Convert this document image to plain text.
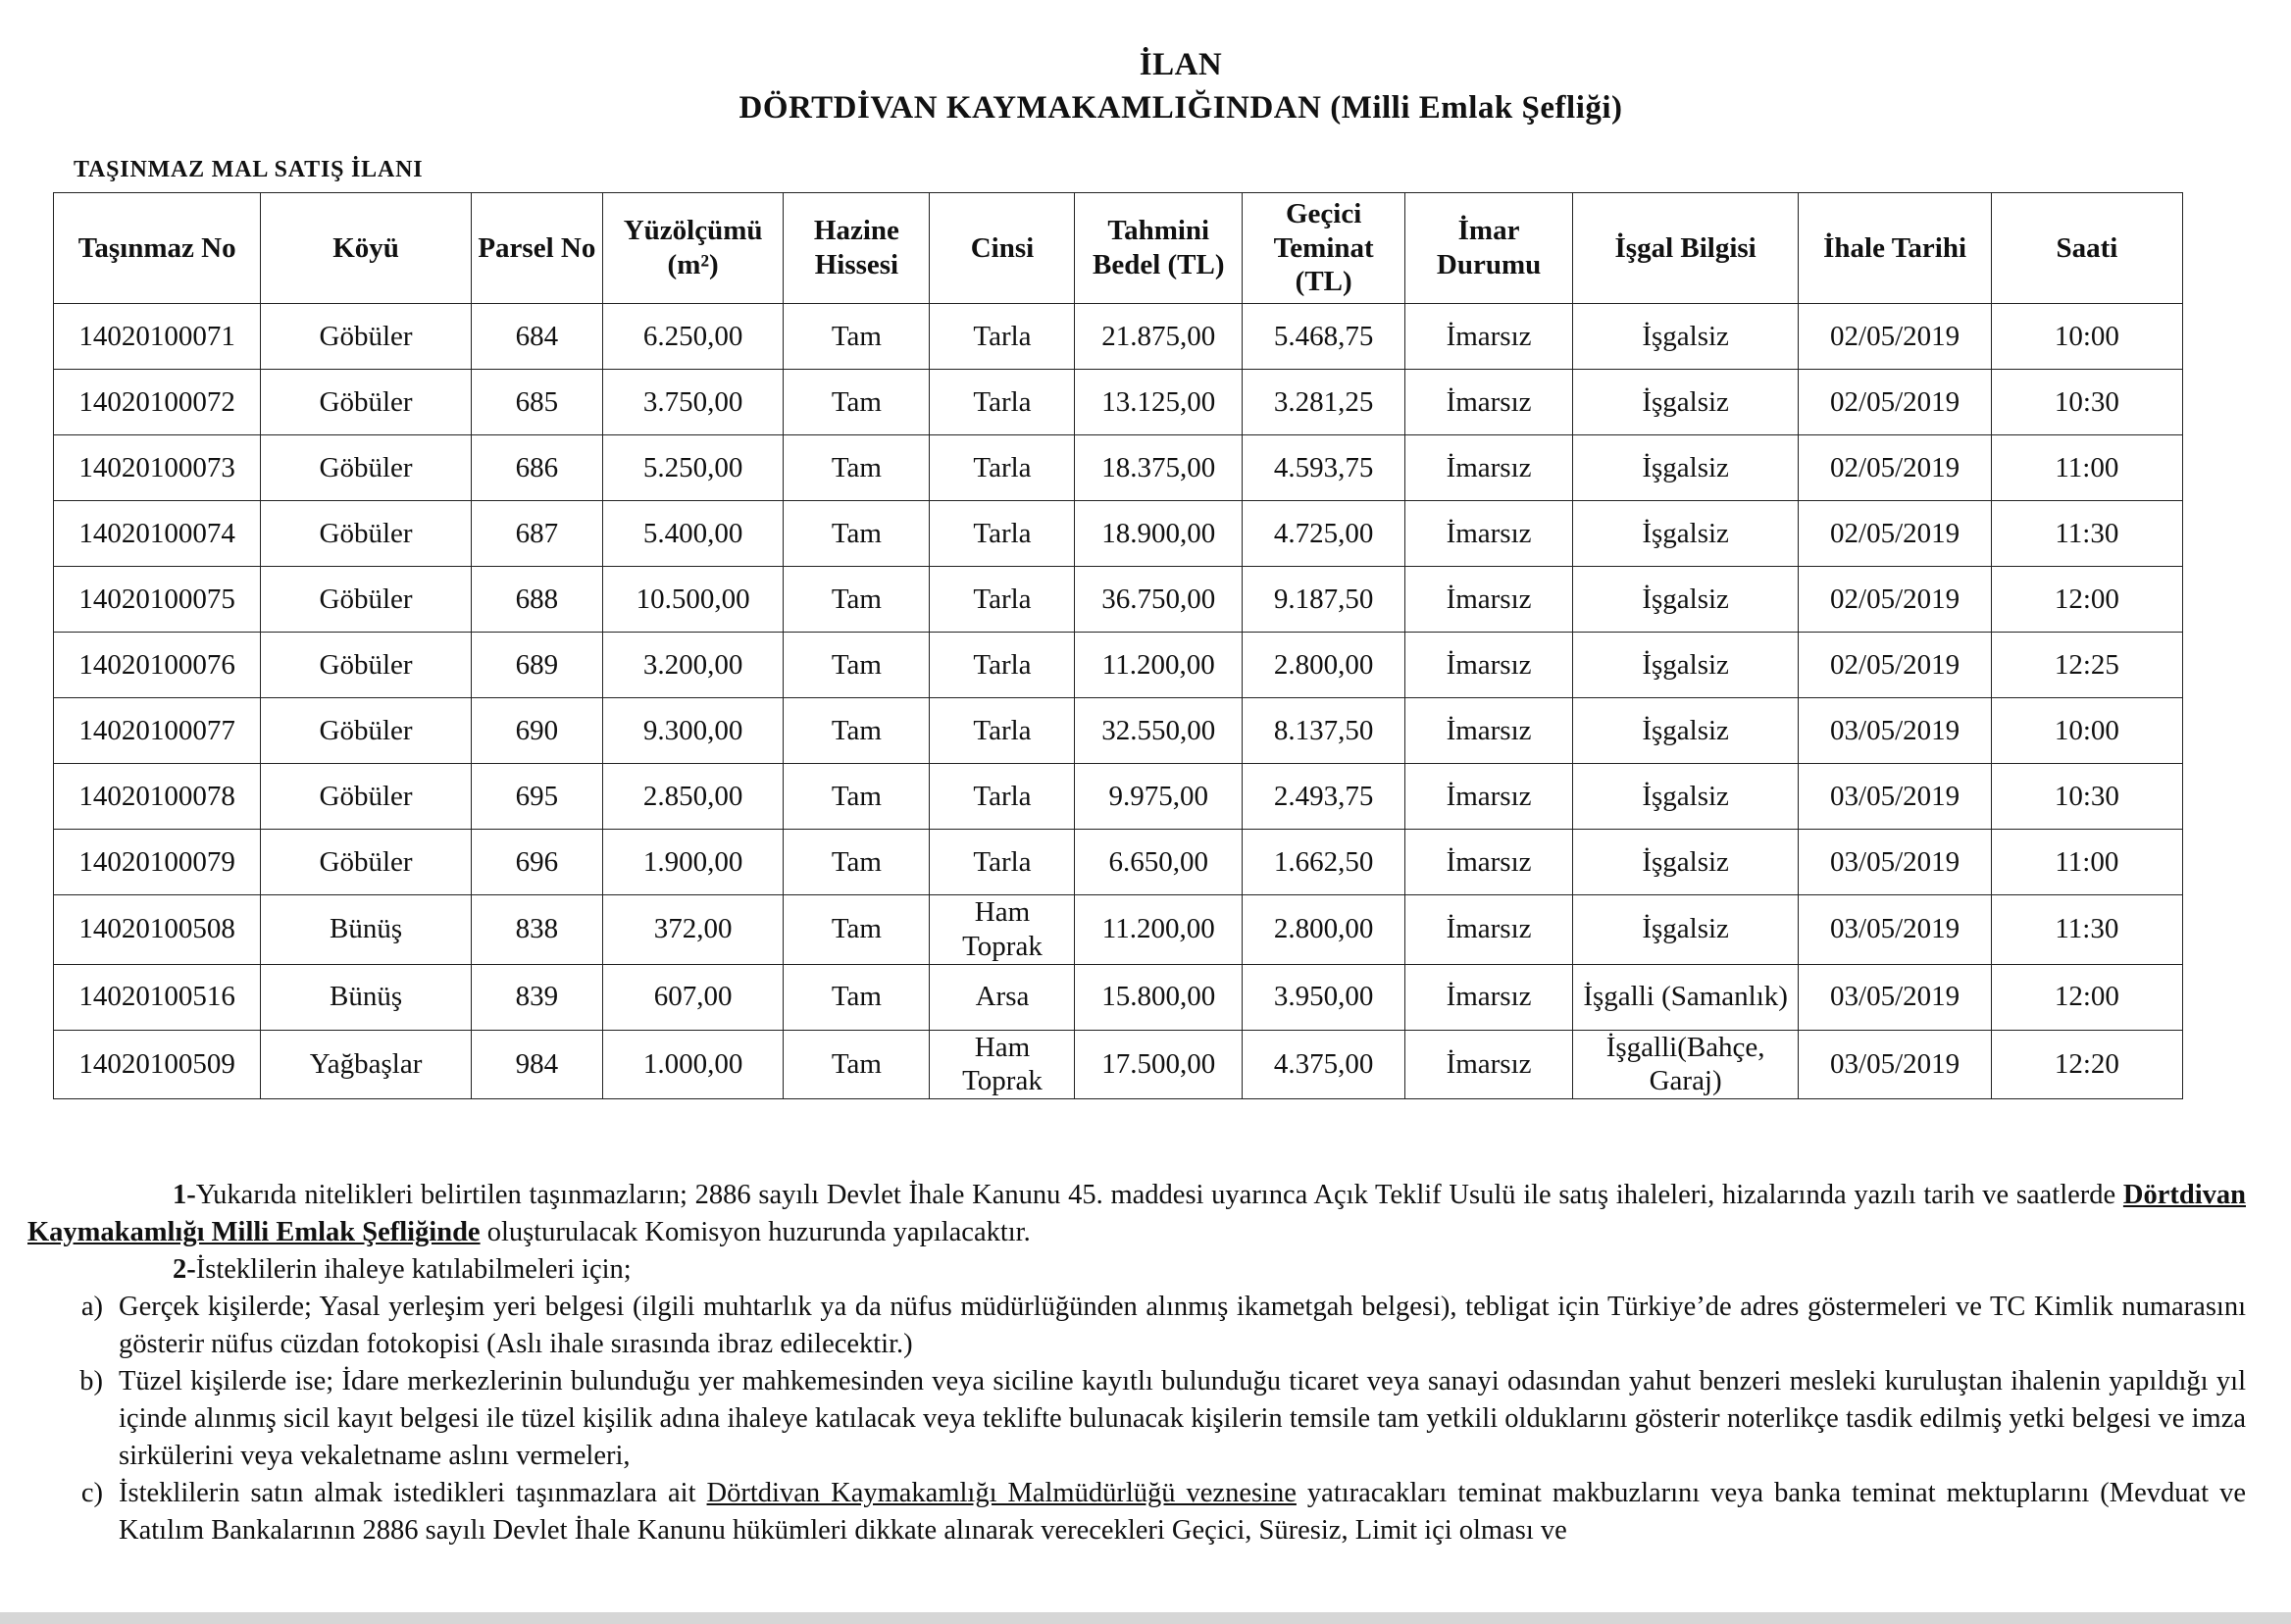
İLAN
DÖRTDİVAN KAYMAKAMLIĞINDAN (Milli Emlak Şefliği)
TAŞINMAZ MAL SATIŞ İLANI
Taşınmaz No	Köyü	Parsel No	Yüzölçümü (m²)	Hazine Hissesi	Cinsi	Tahmini Bedel (TL)	Geçici Teminat (TL)	İmar Durumu	İşgal Bilgisi	İhale Tarihi	Saati
14020100071	Göbüler	684	6.250,00	Tam	Tarla	21.875,00	5.468,75	İmarsız	İşgalsiz	02/05/2019	10:00
14020100072	Göbüler	685	3.750,00	Tam	Tarla	13.125,00	3.281,25	İmarsız	İşgalsiz	02/05/2019	10:30
14020100073	Göbüler	686	5.250,00	Tam	Tarla	18.375,00	4.593,75	İmarsız	İşgalsiz	02/05/2019	11:00
14020100074	Göbüler	687	5.400,00	Tam	Tarla	18.900,00	4.725,00	İmarsız	İşgalsiz	02/05/2019	11:30
14020100075	Göbüler	688	10.500,00	Tam	Tarla	36.750,00	9.187,50	İmarsız	İşgalsiz	02/05/2019	12:00
14020100076	Göbüler	689	3.200,00	Tam	Tarla	11.200,00	2.800,00	İmarsız	İşgalsiz	02/05/2019	12:25
14020100077	Göbüler	690	9.300,00	Tam	Tarla	32.550,00	8.137,50	İmarsız	İşgalsiz	03/05/2019	10:00
14020100078	Göbüler	695	2.850,00	Tam	Tarla	9.975,00	2.493,75	İmarsız	İşgalsiz	03/05/2019	10:30
14020100079	Göbüler	696	1.900,00	Tam	Tarla	6.650,00	1.662,50	İmarsız	İşgalsiz	03/05/2019	11:00
14020100508	Bünüş	838	372,00	Tam	Ham Toprak	11.200,00	2.800,00	İmarsız	İşgalsiz	03/05/2019	11:30
14020100516	Bünüş	839	607,00	Tam	Arsa	15.800,00	3.950,00	İmarsız	İşgalli (Samanlık)	03/05/2019	12:00
14020100509	Yağbaşlar	984	1.000,00	Tam	Ham Toprak	17.500,00	4.375,00	İmarsız	İşgalli(Bahçe, Garaj)	03/05/2019	12:20

1-Yukarıda nitelikleri belirtilen taşınmazların; 2886 sayılı Devlet İhale Kanunu 45. maddesi uyarınca Açık Teklif Usulü ile satış ihaleleri, hizalarında yazılı tarih ve saatlerde Dörtdivan Kaymakamlığı Milli Emlak Şefliğinde oluşturulacak Komisyon huzurunda yapılacaktır.

2-İsteklilerin ihaleye katılabilmeleri için;

a) Gerçek kişilerde; Yasal yerleşim yeri belgesi (ilgili muhtarlık ya da nüfus müdürlüğünden alınmış ikametgah belgesi), tebligat için Türkiye’de adres göstermeleri ve TC Kimlik numarasını gösterir nüfus cüzdan fotokopisi (Aslı ihale sırasında ibraz edilecektir.)
b) Tüzel kişilerde ise; İdare merkezlerinin bulunduğu yer mahkemesinden veya siciline kayıtlı bulunduğu ticaret veya sanayi odasından yahut benzeri mesleki kuruluştan ihalenin yapıldığı yıl içinde alınmış sicil kayıt belgesi ile tüzel kişilik adına ihaleye katılacak veya teklifte bulunacak kişilerin temsile tam yetkili olduklarını gösterir noterlikçe tasdik edilmiş yetki belgesi ve imza sirkülerini veya vekaletname aslını vermeleri,
c) İsteklilerin satın almak istedikleri taşınmazlara ait Dörtdivan Kaymakamlığı Malmüdürlüğü veznesine yatıracakları teminat makbuzlarını veya banka teminat mektuplarını (Mevduat ve Katılım Bankalarının 2886 sayılı Devlet İhale Kanunu hükümleri dikkate alınarak verecekleri Geçici, Süresiz, Limit içi olması ve
